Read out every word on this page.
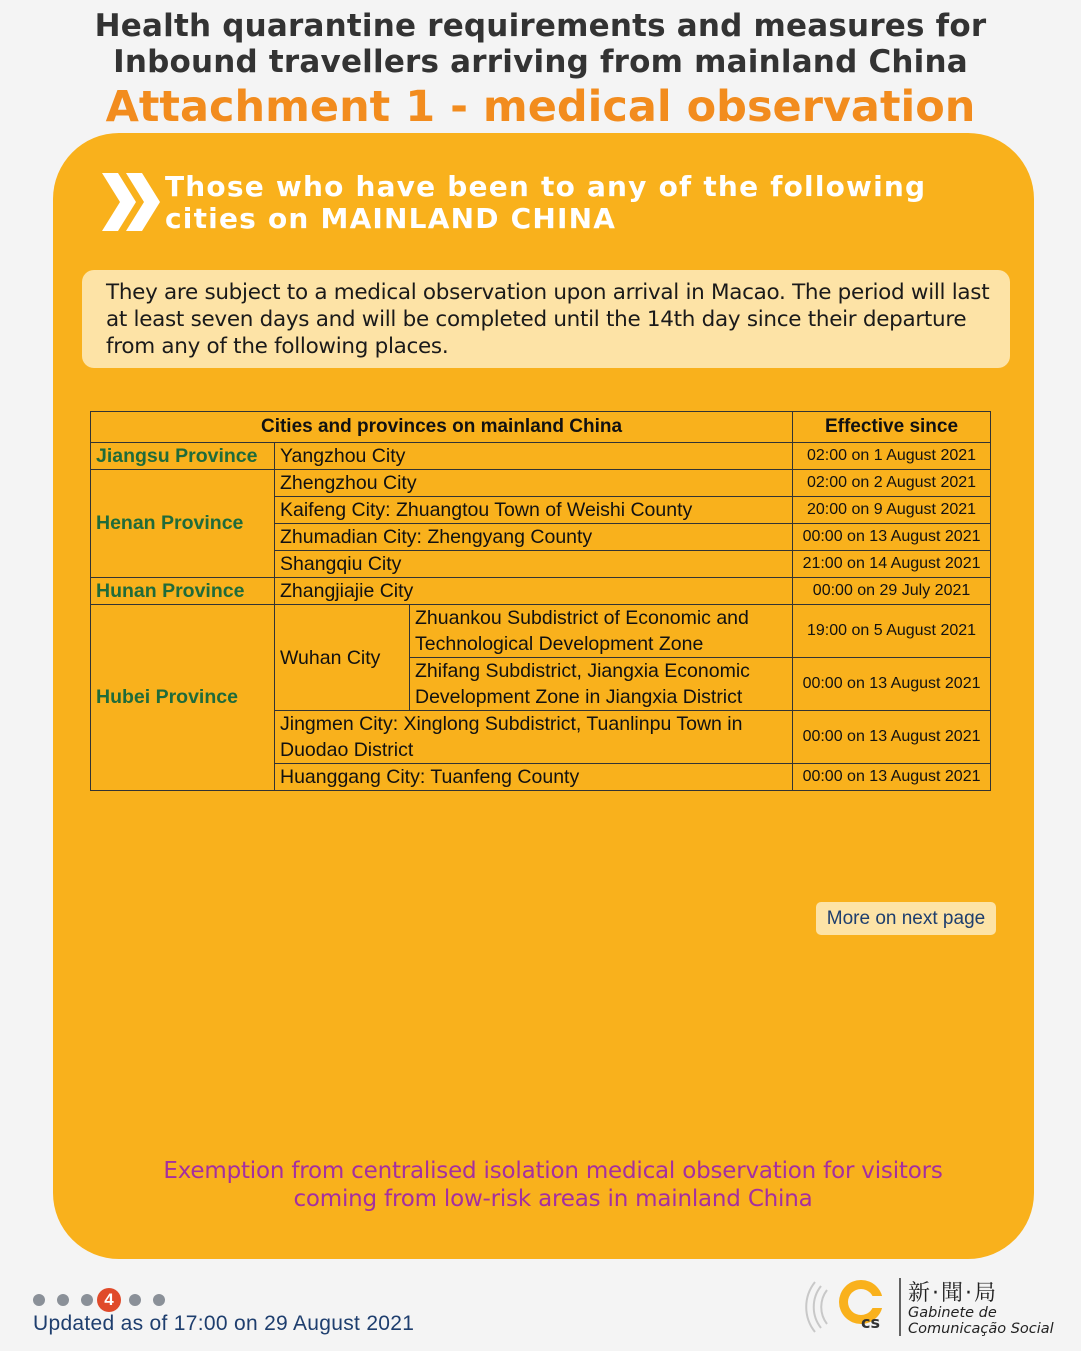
Health quarantine requirements and measures for
Inbound travellers arriving from mainland China
Attachment 1 - medical observation
Those who have been to any of the following
cities on MAINLAND CHINA
They are subject to a medical observation upon arrival in Macao. The period will last at least seven days and will be completed until the 14th day since their departure from any of the following places.
Cities and provinces on mainland China			Effective since
Jiangsu Province	Yangzhou City		02:00 on 1 August 2021
Henan Province	Zhengzhou City		02:00 on 2 August 2021
	Kaifeng City: Zhuangtou Town of Weishi County		20:00 on 9 August 2021
	Zhumadian City: Zhengyang County		00:00 on 13 August 2021
	Shangqiu City		21:00 on 14 August 2021
Hunan Province	Zhangjiajie City		00:00 on 29 July 2021
Hubei Province	Wuhan City	Zhuankou Subdistrict of Economic and Technological Development Zone	19:00 on 5 August 2021
		Zhifang Subdistrict, Jiangxia Economic Development Zone in Jiangxia District	00:00 on 13 August 2021
	Jingmen City: Xinglong Subdistrict, Tuanlinpu Town in Duodao District		00:00 on 13 August 2021
	Huanggang City: Tuanfeng County		00:00 on 13 August 2021
More on next page
Exemption from centralised isolation medical observation for visitors coming from low-risk areas in mainland China
4
Updated as of 17:00 on 29 August 2021	cs
新·聞·局
Gabinete de
Comunicação Social
